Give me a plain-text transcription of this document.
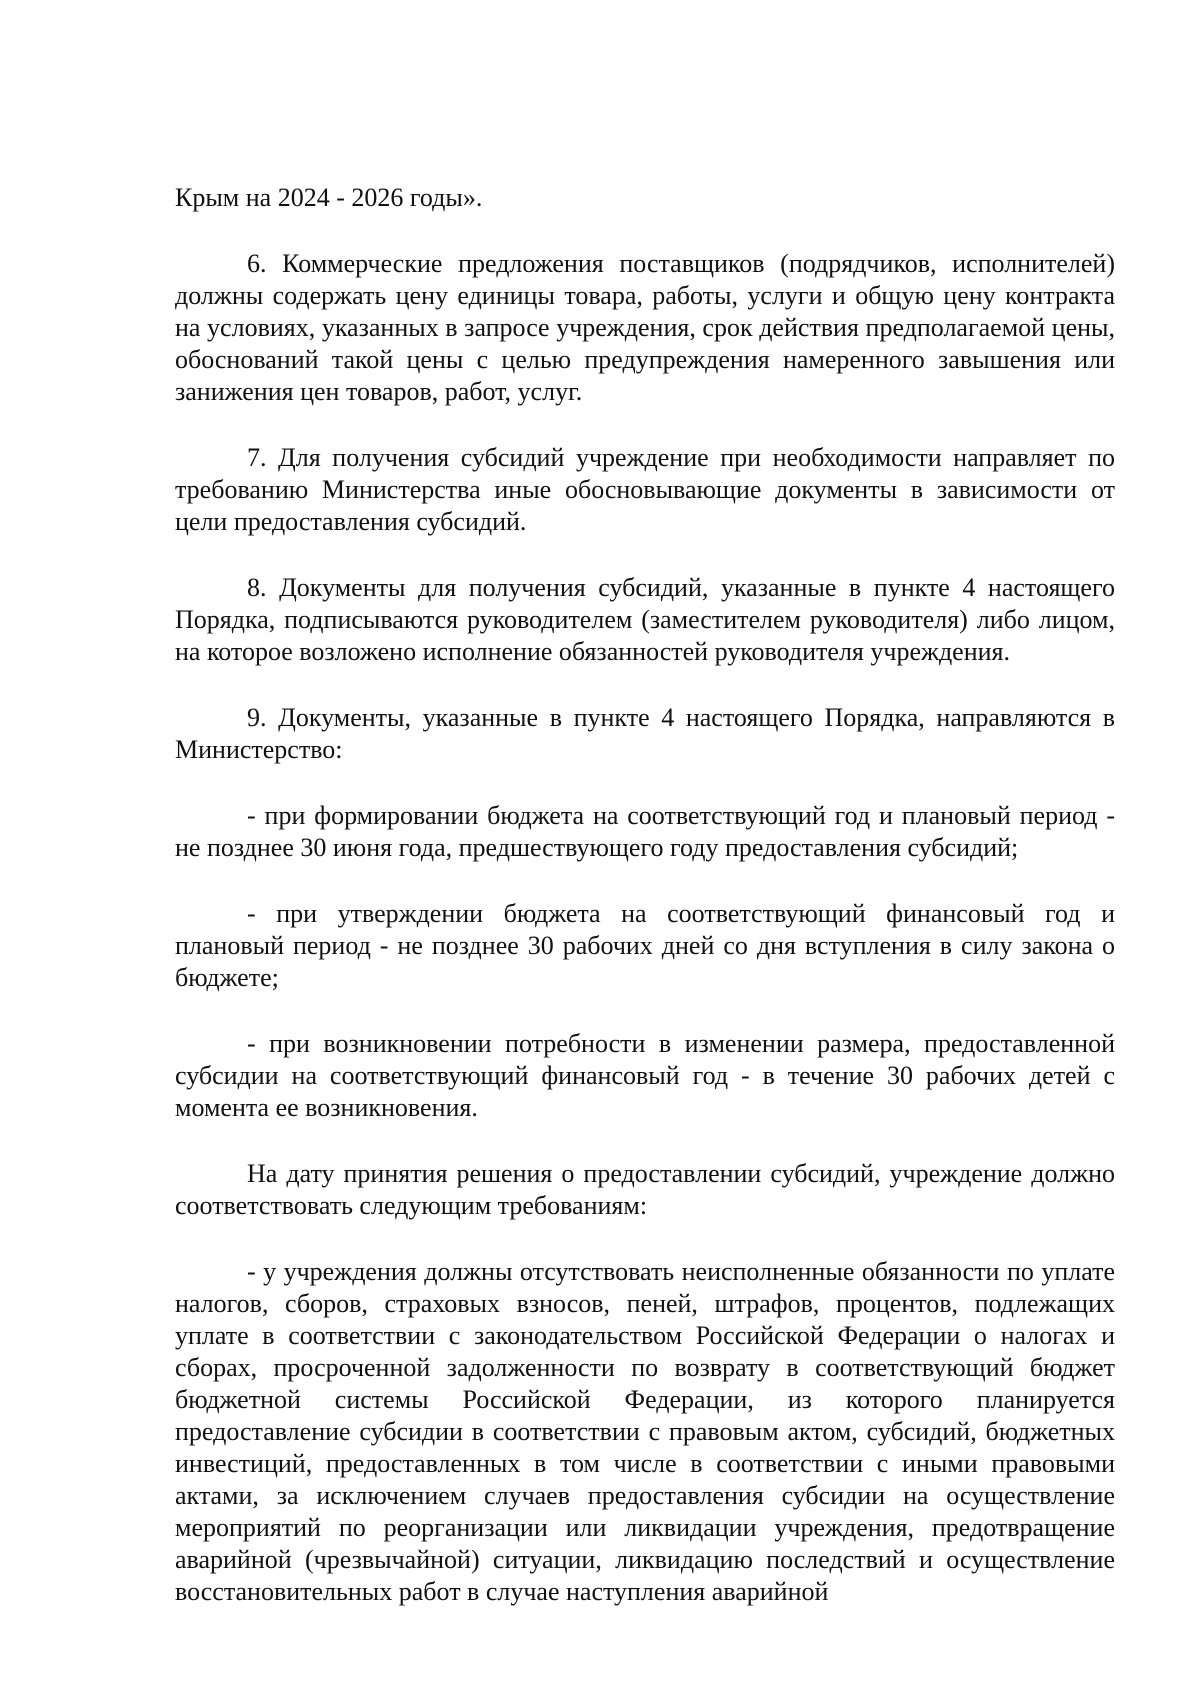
Крым на 2024 - 2026 годы».

6. Коммерческие предложения поставщиков (подрядчиков, исполнителей) должны содержать цену единицы товара, работы, услуги и общую цену контракта на условиях, указанных в запросе учреждения, срок действия предполагаемой цены, обоснований такой цены с целью предупреждения намеренного завышения или занижения цен товаров, работ, услуг.

7. Для получения субсидий учреждение при необходимости направляет по требованию Министерства иные обосновывающие документы в зависимости от цели предоставления субсидий.

8. Документы для получения субсидий, указанные в пункте 4 настоящего Порядка, подписываются руководителем (заместителем руководителя) либо лицом, на которое возложено исполнение обязанностей руководителя учреждения.

9. Документы, указанные в пункте 4 настоящего Порядка, направляются в Министерство:

- при формировании бюджета на соответствующий год и плановый период - не позднее 30 июня года, предшествующего году предоставления субсидий;

- при утверждении бюджета на соответствующий финансовый год и плановый период - не позднее 30 рабочих дней со дня вступления в силу закона о бюджете;

- при возникновении потребности в изменении размера, предоставленной субсидии на соответствующий финансовый год - в течение 30 рабочих детей с момента ее возникновения.

На дату принятия решения о предоставлении субсидий, учреждение должно соответствовать следующим требованиям:

- у учреждения должны отсутствовать неисполненные обязанности по уплате налогов, сборов, страховых взносов, пеней, штрафов, процентов, подлежащих уплате в соответствии с законодательством Российской Федерации о налогах и сборах, просроченной задолженности по возврату в соответствующий бюджет бюджетной системы Российской Федерации, из которого планируется предоставление субсидии в соответствии с правовым актом, субсидий, бюджетных инвестиций, предоставленных в том числе в соответствии с иными правовыми актами, за исключением случаев предоставления субсидии на осуществление мероприятий по реорганизации или ликвидации учреждения, предотвращение аварийной (чрезвычайной) ситуации, ликвидацию последствий и осуществление восстановительных работ в случае наступления аварийной
